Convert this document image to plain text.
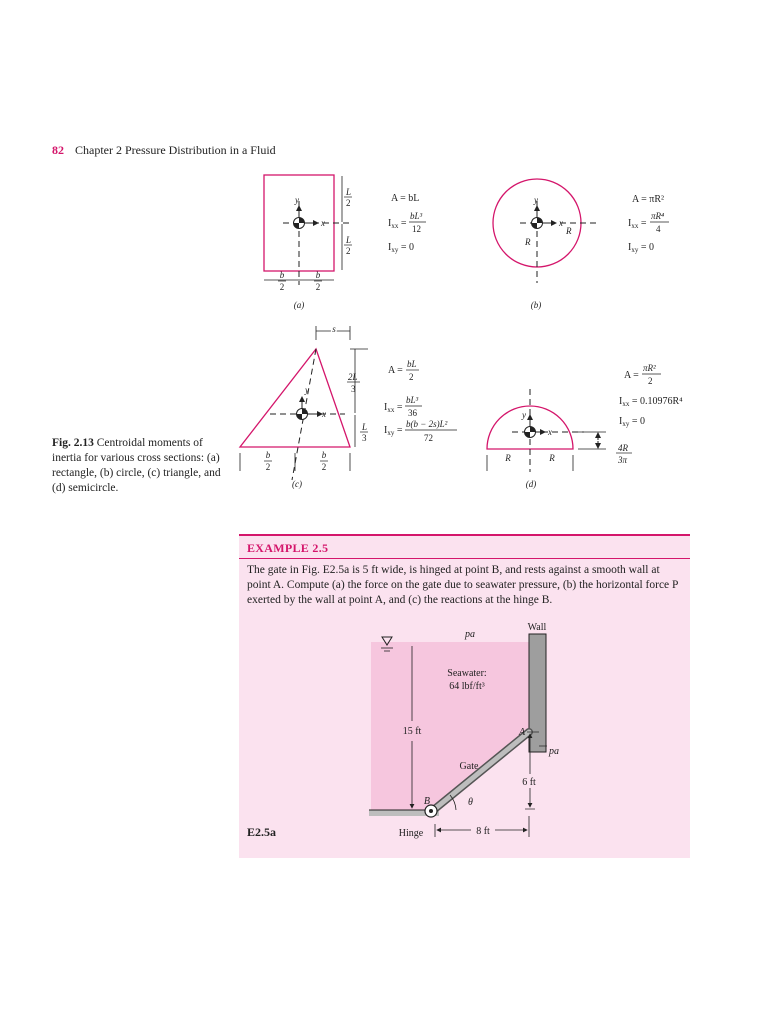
82 Chapter 2 Pressure Distribution in a Fluid
y
x
L
2
L
2
b
2
b
2
(a)
A = bL
$I_{xx}$ =
bL³
12
$I_{xy} = 0$
y
x
R
R
(b)
A = πR²
$I_{xx}$ =
πR⁴
4
$I_{xy} = 0$
y
x
s
2L
3
L
3
b
2
b
2
(c)
A =
bL
2
$I_{xx}$ =
bL³
36
$I_{xy}$ =
b(b − 2s)L²
72
y
x
R	R
(d)
4R
3π
A =
πR²
2
$I_{xx} = 0.10976R^4$
$I_{xy} = 0$
Fig. 2.13 Centroidal moments of inertia for various cross sections: (a) rectangle, (b) circle, (c) triangle, and (d) semicircle.
EXAMPLE 2.5
The gate in Fig. E2.5a is 5 ft wide, is hinged at point B, and rests against a smooth wall at point A. Compute (a) the force on the gate due to seawater pressure, (b) the horizontal force P exerted by the wall at point A, and (c) the reactions at the hinge B.
Wall
pa
Seawater:
64 lbf/ft³
15 ft	A
pa
Gate
6 ft
B	θ
Hinge	8 ft
E2.5a
